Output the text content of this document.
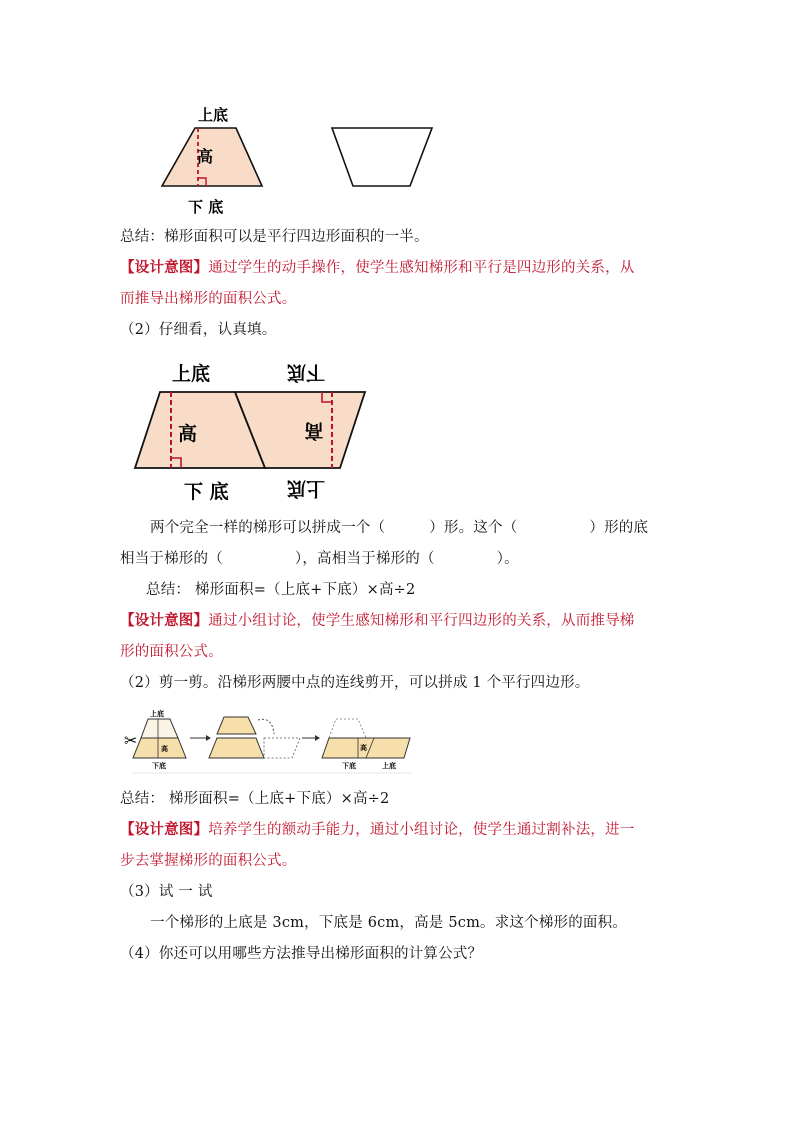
上底
高
下 底
总结：梯形面积可以是平行四边形面积的一半。
【设计意图】通过学生的动手操作，使学生感知梯形和平行是四边形的关系，从
而推导出梯形的面积公式。
（2）仔细看，认真填。
上底	下底
高	高
下 底	上底
两个完全一样的梯形可以拼成一个（	）形。这个（	）形的底
相当于梯形的（	），高相当于梯形的（	）。
总结： 梯形面积=（上底+下底）×高÷2
【设计意图】通过小组讨论，使学生感知梯形和平行四边形的关系，从而推导梯
形的面积公式。
（2）剪一剪。沿梯形两腰中点的连线剪开，可以拼成 1 个平行四边形。
✂
上底
高
下底
高
下底	上底
总结： 梯形面积=（上底+下底）×高÷2
【设计意图】培养学生的额动手能力，通过小组讨论，使学生通过割补法，进一
步去掌握梯形的面积公式。
（3）试 一 试
一个梯形的上底是 3cm，下底是 6cm，高是 5cm。求这个梯形的面积。
（4）你还可以用哪些方法推导出梯形面积的计算公式？
